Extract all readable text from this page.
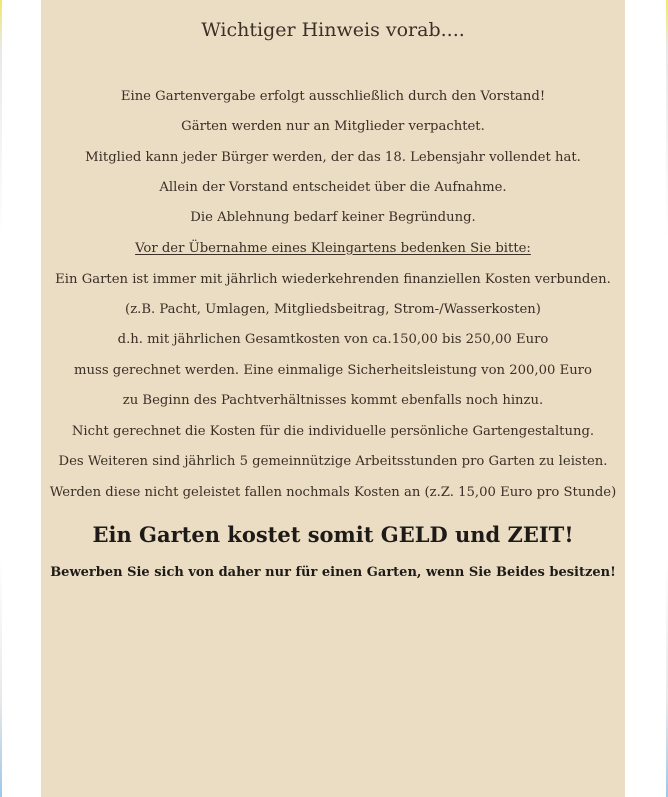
Wichtiger Hinweis vorab....
Eine Gartenvergabe erfolgt ausschließlich durch den Vorstand!
Gärten werden nur an Mitglieder verpachtet.
Mitglied kann jeder Bürger werden, der das 18. Lebensjahr vollendet hat.
Allein der Vorstand entscheidet über die Aufnahme.
Die Ablehnung bedarf keiner Begründung.
Vor der Übernahme eines Kleingartens bedenken Sie bitte:
Ein Garten ist immer mit jährlich wiederkehrenden finanziellen Kosten verbunden.
(z.B. Pacht, Umlagen, Mitgliedsbeitrag, Strom-/Wasserkosten)
d.h. mit jährlichen Gesamtkosten von ca.150,00 bis 250,00 Euro
muss gerechnet werden. Eine einmalige Sicherheitsleistung von 200,00 Euro
zu Beginn des Pachtverhältnisses kommt ebenfalls noch hinzu.
Nicht gerechnet die Kosten für die individuelle persönliche Gartengestaltung.
Des Weiteren sind jährlich 5 gemeinnützige Arbeitsstunden pro Garten zu leisten.
Werden diese nicht geleistet fallen nochmals Kosten an (z.Z. 15,00 Euro pro Stunde)
Ein Garten kostet somit GELD und ZEIT!
Bewerben Sie sich von daher nur für einen Garten, wenn Sie Beides besitzen!
